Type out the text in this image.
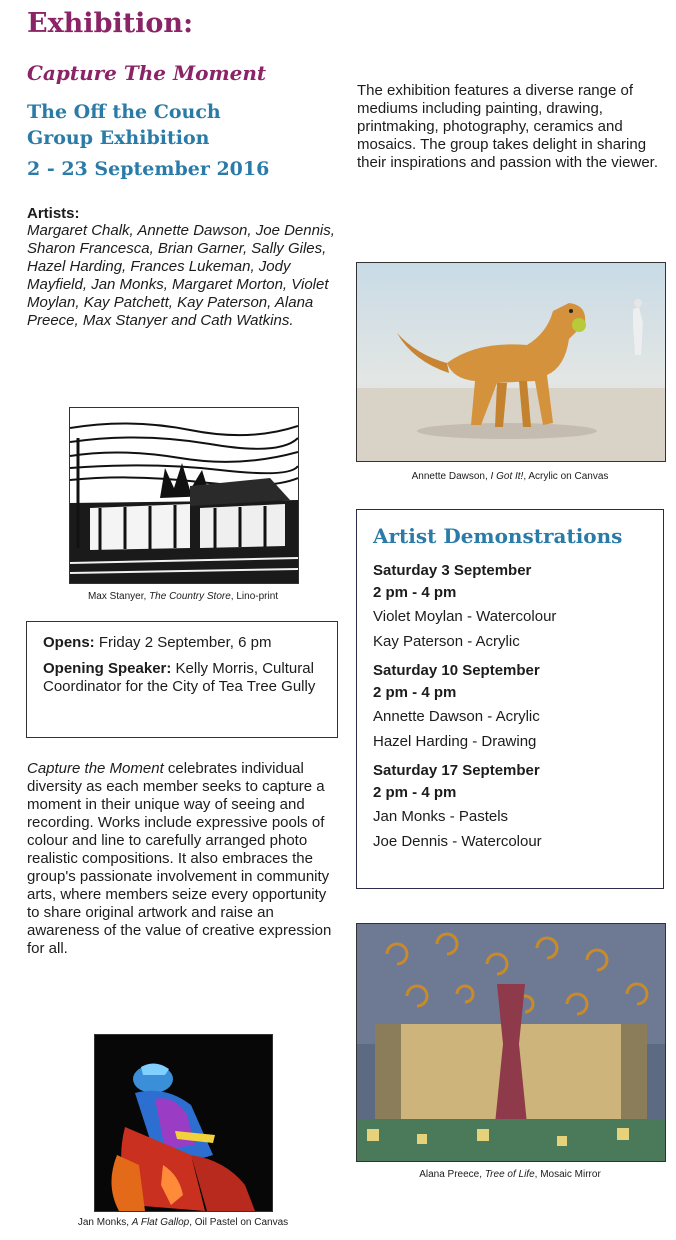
Exhibition:
Capture The Moment
The Off the Couch
Group Exhibition
2 - 23 September 2016
Artists:
Margaret Chalk, Annette Dawson, Joe Dennis, Sharon Francesca, Brian Garner, Sally Giles, Hazel Harding, Frances Lukeman, Jody Mayfield, Jan Monks, Margaret Morton, Violet Moylan, Kay Patchett, Kay Paterson, Alana Preece, Max Stanyer and Cath Watkins.
The exhibition features a diverse range of mediums including painting, drawing, printmaking, photography, ceramics and mosaics. The group takes delight in sharing their inspirations and passion with the viewer.
Max Stanyer, The Country Store, Lino-print

Opens: Friday 2 September, 6 pm

Opening Speaker: Kelly Morris, Cultural Coordinator for the City of Tea Tree Gully

Capture the Moment celebrates individual diversity as each member seeks to capture a moment in their unique way of seeing and recording. Works include expressive pools of colour and line to carefully arranged photo realistic compositions. It also embraces the group's passionate involvement in community arts, where members seize every opportunity to share original artwork and raise an awareness of the value of creative expression for all.
Jan Monks, A Flat Gallop, Oil Pastel on Canvas
Annette Dawson, I Got It!, Acrylic on Canvas
Artist Demonstrations
Saturday 3 September
2 pm - 4 pm
Violet Moylan - Watercolour
Kay Paterson - Acrylic
Saturday 10 September
2 pm - 4 pm
Annette Dawson - Acrylic
Hazel Harding - Drawing
Saturday 17 September
2 pm - 4 pm
Jan Monks - Pastels
Joe Dennis - Watercolour
Alana Preece, Tree of Life, Mosaic Mirror
